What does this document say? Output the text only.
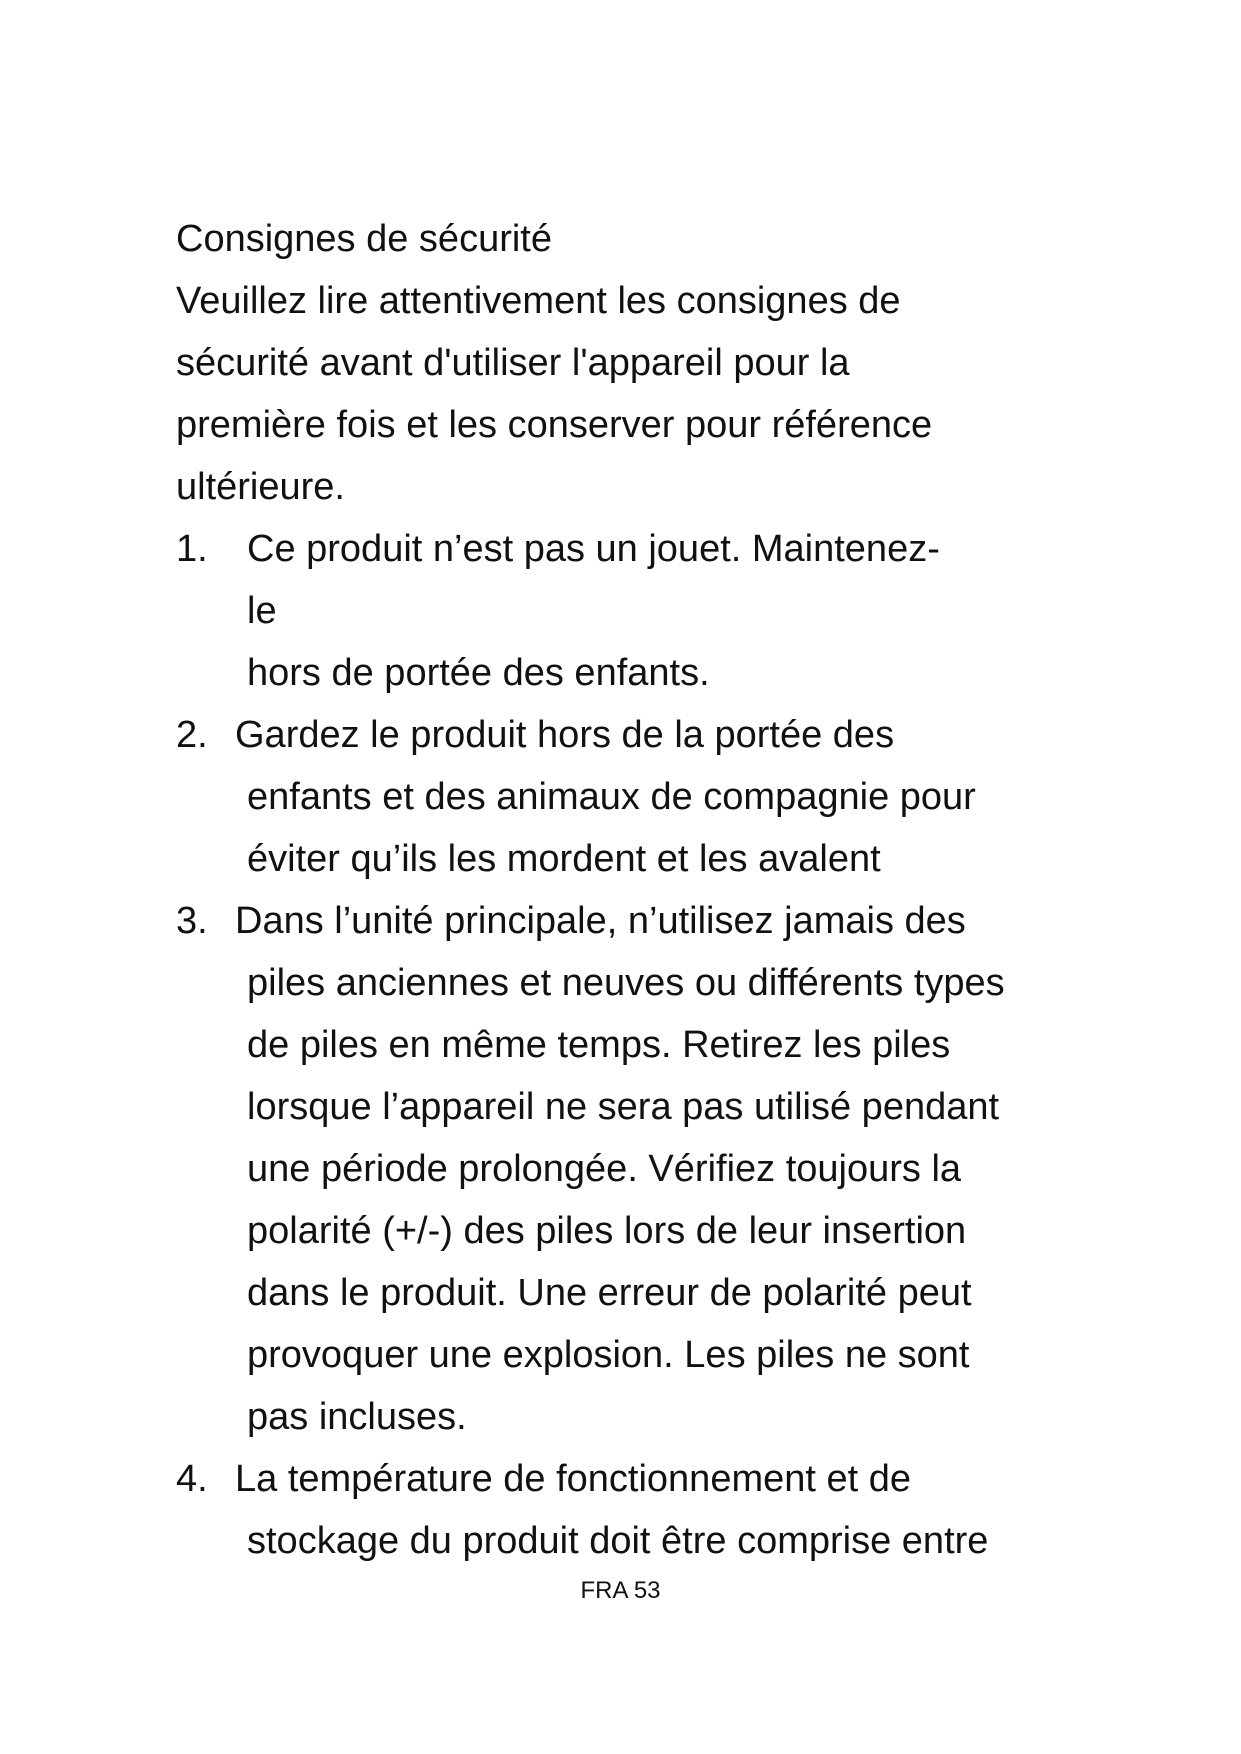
Consignes de sécurité

Veuillez lire attentivement les consignes de sécurité avant d'utiliser l'appareil pour la première fois et les conserver pour référence ultérieure.

1. Ce produit n’est pas un jouet. Maintenez-le
hors de portée des enfants.
2. Gardez le produit hors de la portée des
enfants et des animaux de compagnie pour éviter qu’ils les mordent et les avalent
3. Dans l’unité principale, n’utilisez jamais des
piles anciennes et neuves ou différents types de piles en même temps. Retirez les piles lorsque l’appareil ne sera pas utilisé pendant une période prolongée. Vérifiez toujours la polarité (+/-) des piles lors de leur insertion dans le produit. Une erreur de polarité peut provoquer une explosion. Les piles ne sont pas incluses.
4. La température de fonctionnement et de
stockage du produit doit être comprise entre
FRA 53
